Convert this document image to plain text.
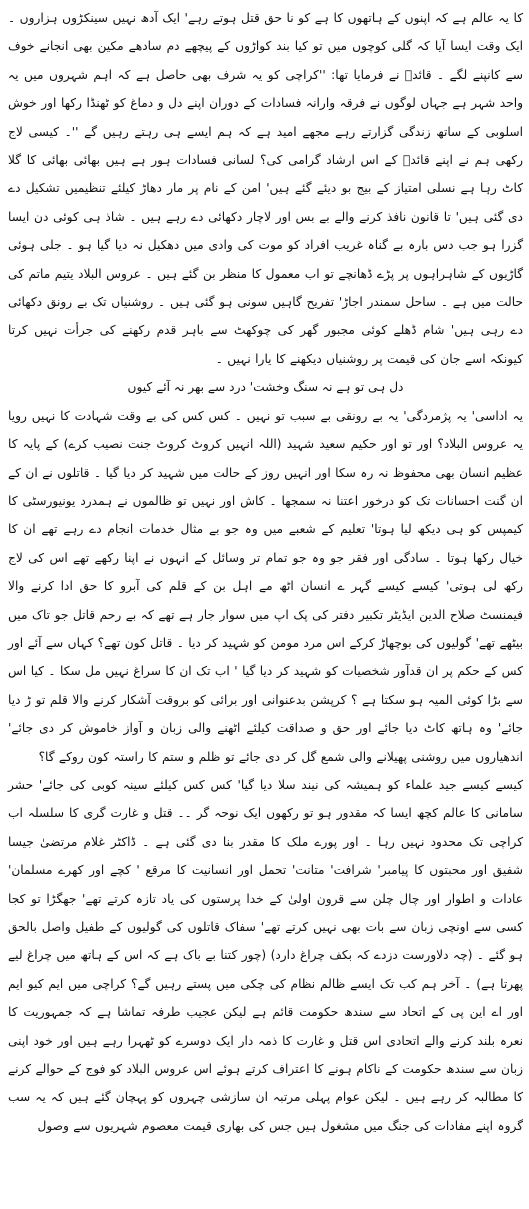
کا یہ عالم ہے کہ اپنوں کے ہاتھوں کا ہے کو نا حق قتل ہوتے رہے' ایک آدھ نہیں سینکڑوں ہزاروں ۔ ایک وقت ایسا آیا کہ گلی کوچوں میں تو کیا بند کواڑوں کے پیچھے دم سادھے مکین بھی انجانے خوف سے کانپنے لگے ۔ قائدؒ نے فرمایا تھا: ''کراچی کو یہ شرف بھی حاصل ہے کہ اہم شہروں میں یہ واحد شہر ہے جہاں لوگوں نے فرقہ وارانہ فسادات کے دوران اپنے دل و دماغ کو ٹھنڈا رکھا اور خوش اسلوبی کے ساتھ زندگی گزارتے رہے مجھے امید ہے کہ ہم ایسے ہی رہتے رہیں گے ''۔ کیسی لاج رکھی ہم نے اپنے قائدؒ کے اس ارشاد گرامی کی؟ لسانی فسادات ہور ہے ہیں بھائی بھائی کا گلا کاٹ رہا ہے نسلی امتیاز کے بیج بو دیئے گئے ہیں' امن کے نام پر مار دھاڑ کیلئے تنظیمیں تشکیل دے دی گئی ہیں' تا قانون نافذ کرنے والے بے بس اور لاچار دکھائی دے رہے ہیں ۔ شاذ ہی کوئی دن ایسا گزرا ہو جب دس بارہ بے گناہ غریب افراد کو موت کی وادی میں دھکیل نہ دیا گیا ہو ۔ جلی ہوئی گاڑیوں کے شاہراہوں پر پڑے ڈھانچے تو اب معمول کا منظر بن گئے ہیں ۔ عروس البلاد یتیم ماتم کی حالت میں ہے ۔ ساحل سمندر اجاڑ' تفریح گاہیں سونی ہو گئی ہیں ۔ روشنیاں تک بے رونق دکھائی دے رہی ہیں' شام ڈھلے کوئی مجبور گھر کی چوکھٹ سے باہر قدم رکھنے کی جرأت نہیں کرتا کیونکہ اسے جان کی قیمت پر روشنیاں دیکھنے کا یارا نہیں ۔

دل ہی تو ہے نہ سنگ وخشت' درد سے بھر نہ آئے کیوں

یہ اداسی' یہ پژمردگی' یہ بے رونقی بے سبب تو نہیں ۔ کس کس کی بے وقت شہادت کا نہیں رویا یہ عروس البلاد؟ اور تو اور حکیم سعید شہید (اللہ انہیں کروٹ کروٹ جنت نصیب کرے) کے پایہ کا عظیم انسان بھی محفوظ نہ رہ سکا اور انہیں روز کے حالت میں شہید کر دیا گیا ۔ قاتلوں نے ان کے ان گنت احسانات تک کو درخور اعتنا نہ سمجھا ۔ کاش اور نہیں تو ظالموں نے ہمدرد یونیورسٹی کا کیمپس کو ہی دیکھ لیا ہوتا' تعلیم کے شعبے میں وہ جو بے مثال خدمات انجام دے رہے تھے ان کا خیال رکھا ہوتا ۔ سادگی اور فقر جو وہ جو تمام تر وسائل کے انہوں نے اپنا رکھے تھے اس کی لاج رکھ لی ہوتی' کیسے کیسے گہر ے انسان اٹھ مے اہل بن کے قلم کی آبرو کا حق ادا کرنے والا فیمنسٹ صلاح الدین ایڈیٹر تکبیر دفتر کی پک اپ میں سوار جار ہے تھے کہ بے رحم قاتل جو تاک میں بیٹھے تھے' گولیوں کی بوچھاڑ کرکے اس مرد مومن کو شہید کر دیا ۔ قاتل کون تھے؟ کہاں سے آئے اور کس کے حکم پر ان قدآور شخصیات کو شہید کر دیا گیا ' اب تک ان کا سراغ نہیں مل سکا ۔ کیا اس سے بڑا کوئی المیہ ہو سکتا ہے ؟ کرپشن بدعنوانی اور برائی کو بروقت آشکار کرنے والا قلم تو ڑ دیا جائے' وہ ہاتھ کاٹ دیا جائے اور حق و صداقت کیلئے اٹھنے والی زبان و آواز خاموش کر دی جائے' اندھیاروں میں روشنی پھیلانے والی شمع گل کر دی جائے تو ظلم و ستم کا راستہ کون روکے گا؟

کیسے کیسے جید علماء کو ہمیشہ کی نیند سلا دیا گیا' کس کس کیلئے سینہ کوبی کی جائے' حشر سامانی کا عالم کچھ ایسا کہ مقدور ہو تو رکھوں ایک نوحہ گر ۔۔ قتل و غارت گری کا سلسلہ اب کراچی تک محدود نہیں رہا ۔ اور پورے ملک کا مقدر بنا دی گئی ہے ۔ ڈاکٹر غلام مرتضیٰ جیسا شفیق اور محبتوں کا پیامبر' شرافت' متانت' تحمل اور انسانیت کا مرقع ' کچے اور کھرے مسلمان' عادات و اطوار اور چال چلن سے قرون اولیٰ کے خدا پرستوں کی یاد تازہ کرتے تھے' جھگڑا تو کجا کسی سے اونچی زبان سے بات بھی نہیں کرتے تھے' سفاک قاتلوں کی گولیوں کے طفیل واصل بالحق ہو گئے ۔ (چہ دلاورست دزدے کہ بکف چراغ دارد) (چور کتنا بے باک ہے کہ اس کے ہاتھ میں چراغ لیے پھرتا ہے) ۔ آخر ہم کب تک ایسے ظالم نظام کی چکی میں پستے رہیں گے؟ کراچی میں ایم کیو ایم اور اے این پی کے اتحاد سے سندھ حکومت قائم ہے لیکن عجیب طرفہ تماشا ہے کہ جمہوریت کا نعرہ بلند کرنے والے اتحادی اس قتل و غارت کا ذمہ دار ایک دوسرے کو ٹھہرا رہے ہیں اور خود اپنی زبان سے سندھ حکومت کے ناکام ہونے کا اعتراف کرتے ہوئے اس عروس البلاد کو فوج کے حوالے کرنے کا مطالبہ کر رہے ہیں ۔ لیکن عوام پہلی مرتبہ ان سازشی چہروں کو پہچان گئے ہیں کہ یہ سب گروہ اپنے مفادات کی جنگ میں مشغول ہیں جس کی بھاری قیمت معصوم شہریوں سے وصول
